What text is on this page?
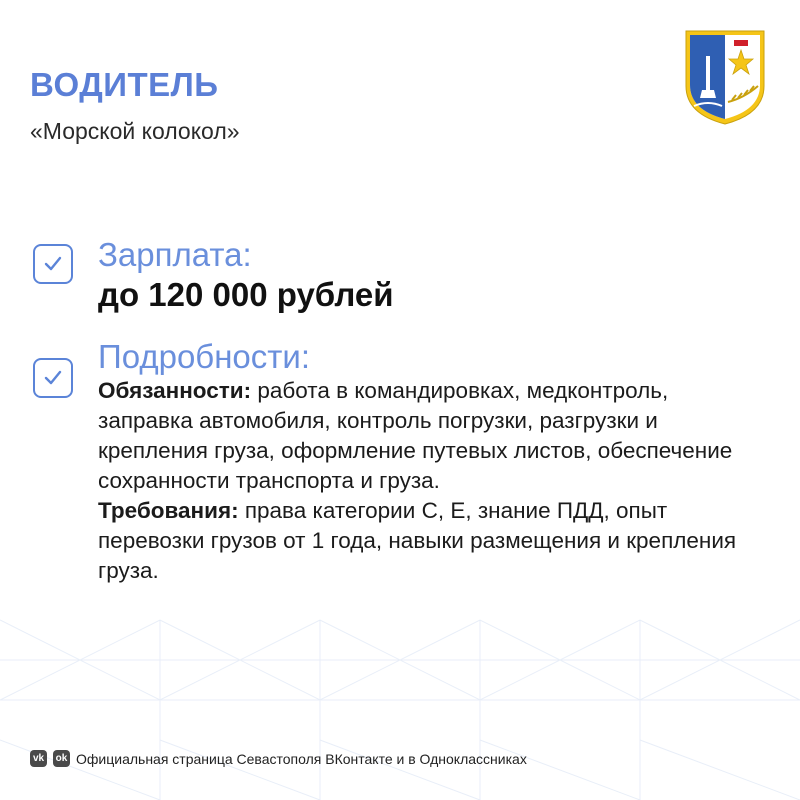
ВОДИТЕЛЬ
«Морской колокол»
Зарплата:
до 120 000 рублей
Подробности:
Обязанности: работа в командировках, медконтроль, заправка автомобиля, контроль погрузки, разгрузки и крепления груза, оформление путевых листов, обеспечение сохранности транспорта и груза.
Требования: права категории С, Е, знание ПДД, опыт перевозки грузов от 1 года, навыки размещения и крепления груза.
vk ok Официальная страница Севастополя ВКонтакте и в Одноклассниках
